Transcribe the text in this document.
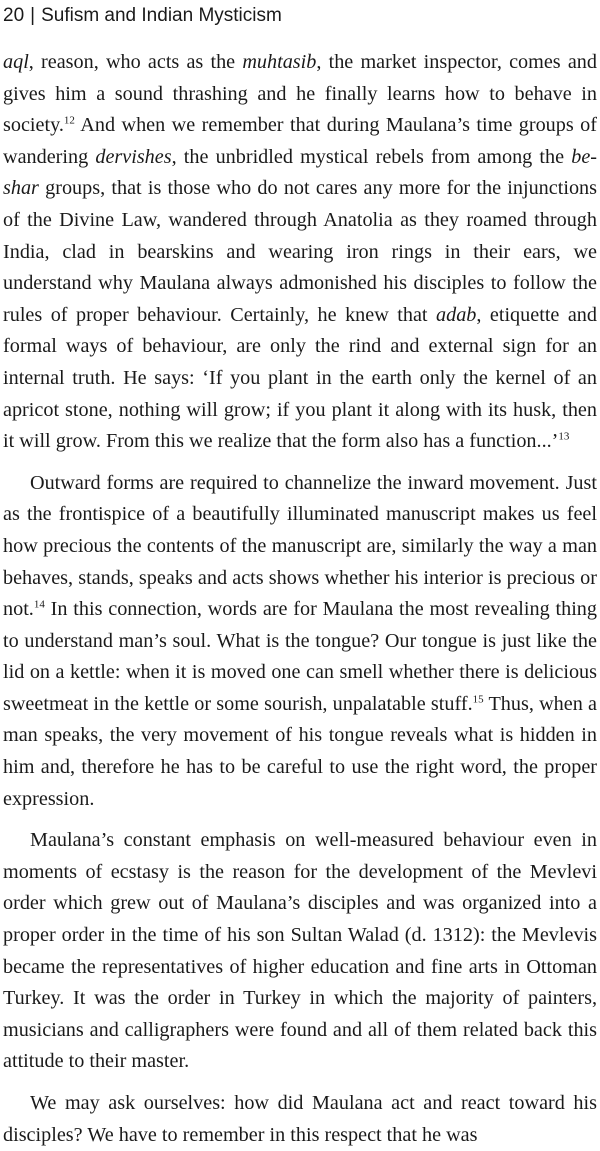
20 | Sufism and Indian Mysticism

aql, reason, who acts as the muhtasib, the market inspector, comes and gives him a sound thrashing and he finally learns how to behave in society.$^{12}$ And when we remember that during Maulana’s time groups of wandering dervishes, the unbridled mystical rebels from among the be-shar groups, that is those who do not cares any more for the injunctions of the Divine Law, wandered through Anatolia as they roamed through India, clad in bearskins and wearing iron rings in their ears, we understand why Maulana always admonished his disciples to follow the rules of proper behaviour. Certainly, he knew that adab, etiquette and formal ways of behaviour, are only the rind and external sign for an internal truth. He says: ‘If you plant in the earth only the kernel of an apricot stone, nothing will grow; if you plant it along with its husk, then it will grow. From this we realize that the form also has a function...’$^{13}$

Outward forms are required to channelize the inward movement. Just as the frontispice of a beautifully illuminated manuscript makes us feel how precious the contents of the manuscript are, similarly the way a man behaves, stands, speaks and acts shows whether his interior is precious or not.$^{14}$ In this connection, words are for Maulana the most revealing thing to understand man’s soul. What is the tongue? Our tongue is just like the lid on a kettle: when it is moved one can smell whether there is delicious sweetmeat in the kettle or some sourish, unpalatable stuff.$^{15}$ Thus, when a man speaks, the very movement of his tongue reveals what is hidden in him and, therefore he has to be careful to use the right word, the proper expression.

Maulana’s constant emphasis on well-measured behaviour even in moments of ecstasy is the reason for the development of the Mevlevi order which grew out of Maulana’s disciples and was organized into a proper order in the time of his son Sultan Walad (d. 1312): the Mevlevis became the representatives of higher education and fine arts in Ottoman Turkey. It was the order in Turkey in which the majority of painters, musicians and calligraphers were found and all of them related back this attitude to their master.

We may ask ourselves: how did Maulana act and react toward his disciples? We have to remember in this respect that he was
